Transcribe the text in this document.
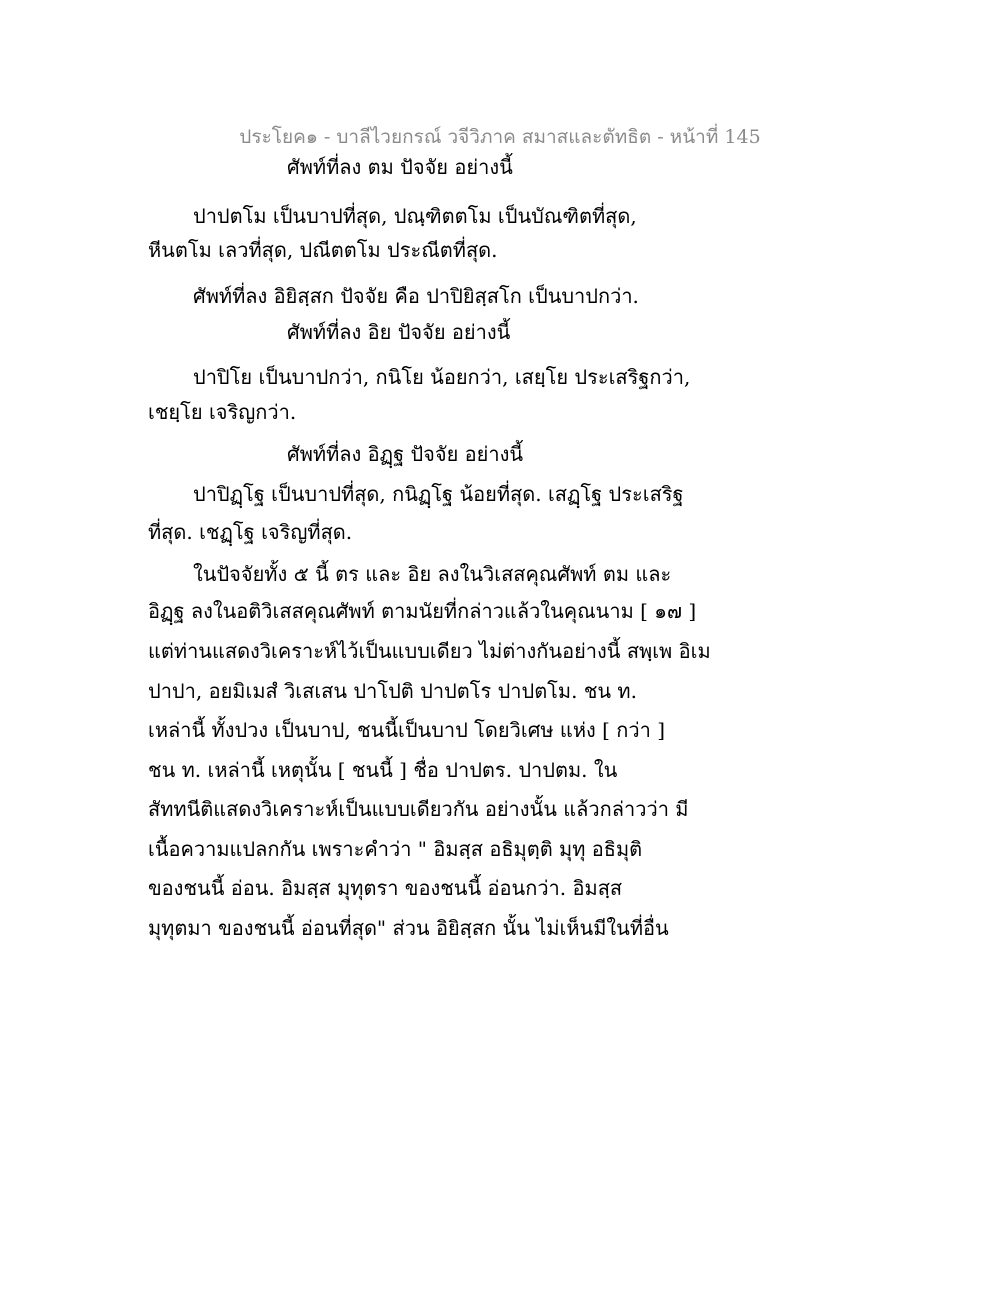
ประโยค๑ - บาลีไวยกรณ์ วจีวิภาค สมาสและตัทธิต - หน้าที่ 145
ศัพท์ที่ลง ตม ปัจจัย อย่างนี้
ปาปตโม เป็นบาปที่สุด, ปณฺฑิตตโม เป็นบัณฑิตที่สุด,
หีนตโม เลวที่สุด, ปณีตตโม ประณีตที่สุด.
ศัพท์ที่ลง อิยิสฺสก ปัจจัย คือ ปาปิยิสฺสโก เป็นบาปกว่า.
ศัพท์ที่ลง อิย ปัจจัย อย่างนี้
ปาปิโย เป็นบาปกว่า, กนิโย น้อยกว่า, เสยฺโย ประเสริฐกว่า,
เชยฺโย เจริญกว่า.
ศัพท์ที่ลง อิฏฺฐ ปัจจัย อย่างนี้
ปาปิฏฺโฐ เป็นบาปที่สุด, กนิฏฺโฐ น้อยที่สุด. เสฏฺโฐ ประเสริฐ
ที่สุด. เชฏฺโฐ เจริญที่สุด.
ในปัจจัยทั้ง ๕ นี้ ตร และ อิย ลงในวิเสสคุณศัพท์ ตม และ
อิฏฺฐ ลงในอติวิเสสคุณศัพท์ ตามนัยที่กล่าวแล้วในคุณนาม [ ๑๗ ]
แต่ท่านแสดงวิเคราะห์ไว้เป็นแบบเดียว ไม่ต่างกันอย่างนี้ สพฺเพ อิเม
ปาปา, อยมิเมสํ วิเสเสน ปาโปติ ปาปตโร ปาปตโม. ชน ท.
เหล่านี้ ทั้งปวง เป็นบาป, ชนนี้เป็นบาป โดยวิเศษ แห่ง [ กว่า ]
ชน ท. เหล่านี้ เหตุนั้น [ ชนนี้ ] ชื่อ ปาปตร. ปาปตม. ใน
สัททนีติแสดงวิเคราะห์เป็นแบบเดียวกัน อย่างนั้น แล้วกล่าวว่า มี
เนื้อความแปลกกัน เพราะคำว่า " อิมสฺส อธิมุตฺติ มุทุ อธิมุติ
ของชนนี้ อ่อน. อิมสฺส มุทุตรา ของชนนี้ อ่อนกว่า. อิมสฺส
มุทุตมา ของชนนี้ อ่อนที่สุด" ส่วน อิยิสฺสก นั้น ไม่เห็นมีในที่อื่น
